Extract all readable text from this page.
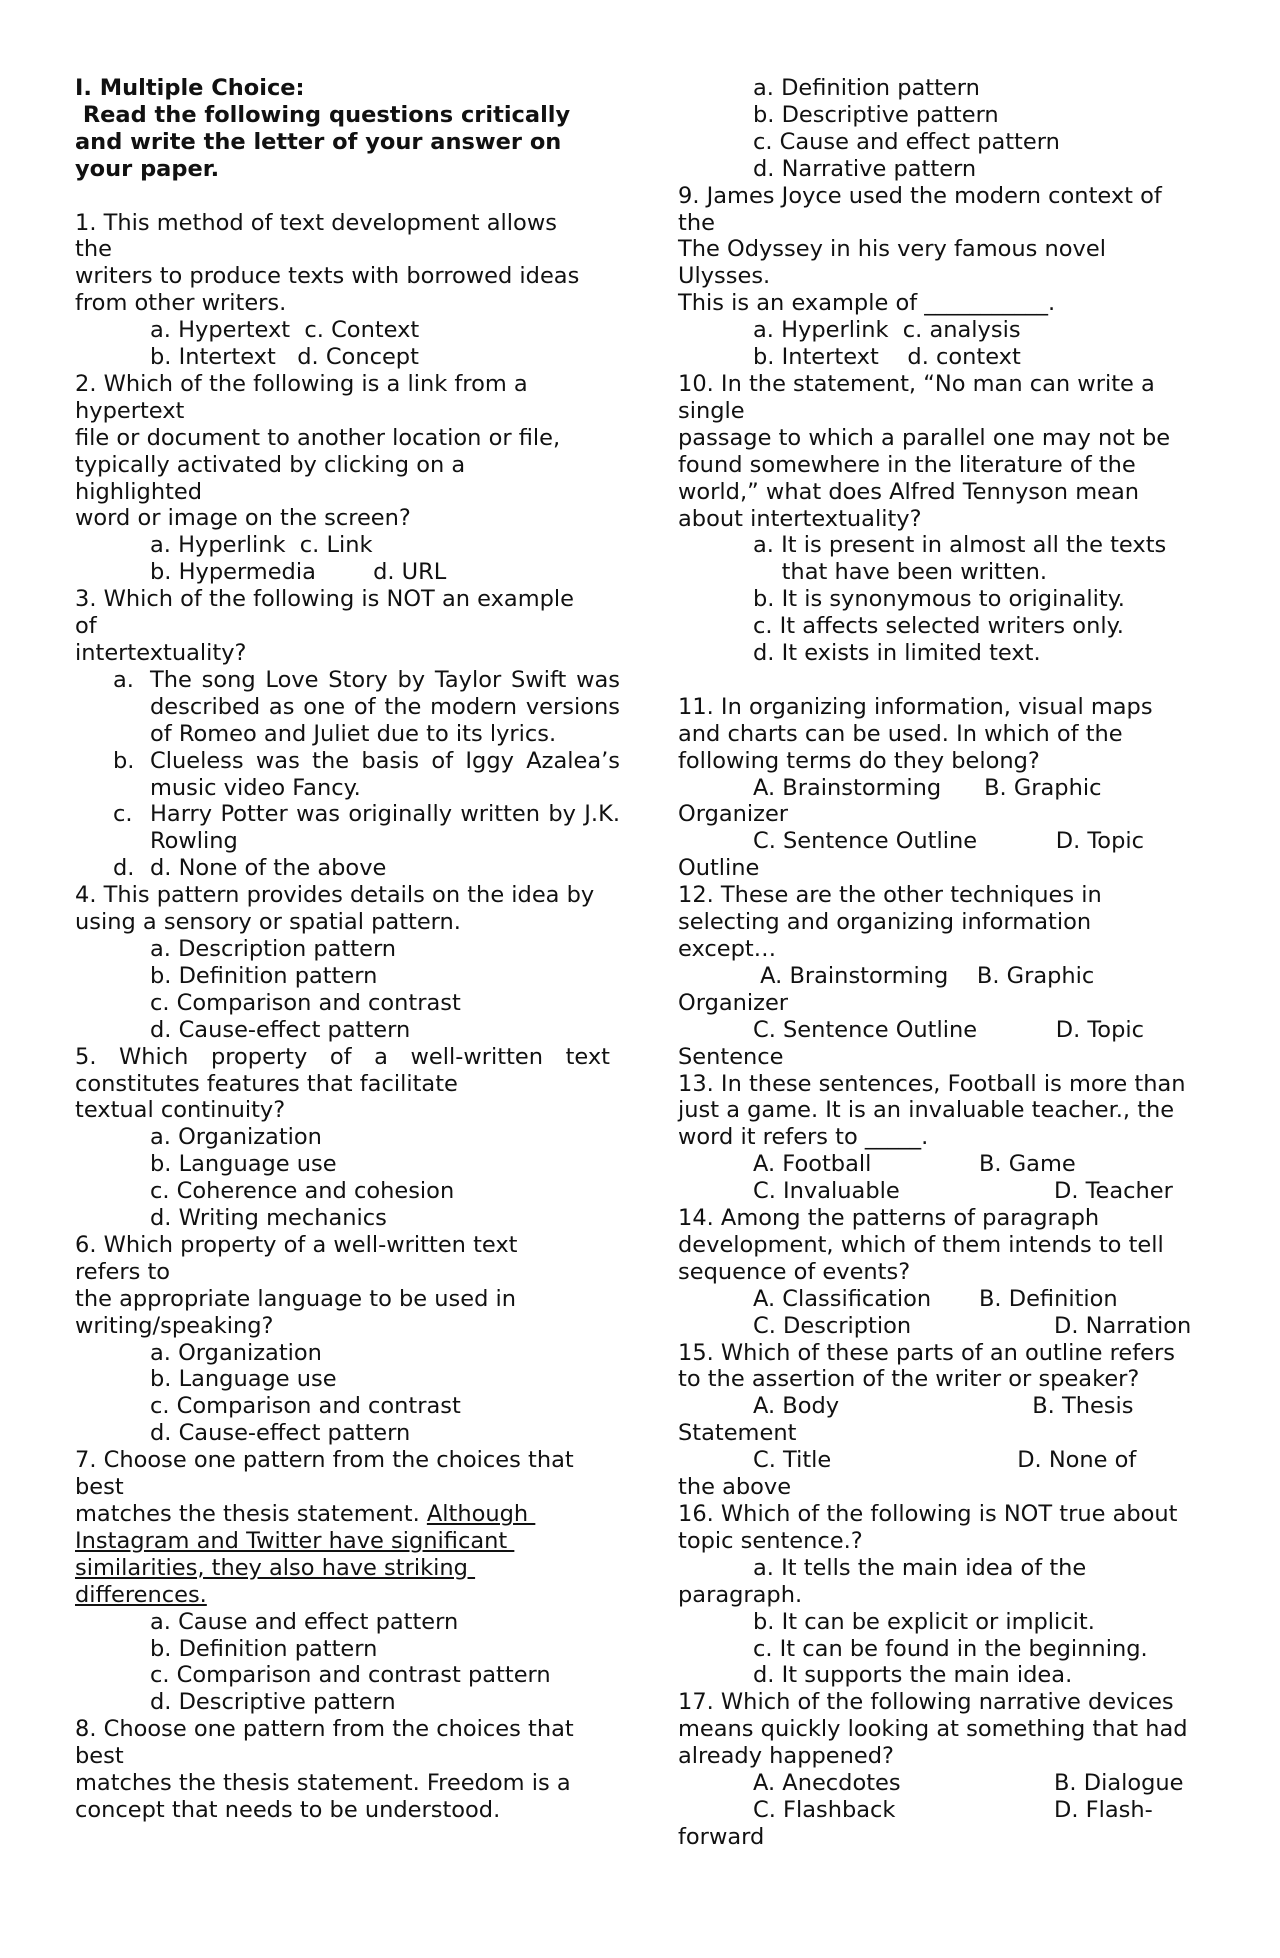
I. Multiple Choice:
Read the following questions critically
and write the letter of your answer on
your paper.
1. This method of text development allows
the
writers to produce texts with borrowed ideas
from other writers.
a. Hypertext  c. Context
b. Intertext   d. Concept
2. Which of the following is a link from a
hypertext
file or document to another location or file,
typically activated by clicking on a
highlighted
word or image on the screen?
a. Hyperlink  c. Link
b. Hypermedia        d. URL
3. Which of the following is NOT an example
of
intertextuality?
a. The song Love Story by Taylor Swift was described as one of the modern versions of Romeo and Juliet due to its lyrics.
b. Clueless was the basis of Iggy Azalea’s music video Fancy.
c. Harry Potter was originally written by J.K. Rowling
d. d. None of the above
4. This pattern provides details on the idea by
using a sensory or spatial pattern.
a. Description pattern
b. Definition pattern
c. Comparison and contrast
d. Cause-effect pattern
5. Which property of a well-written text constitutes features that facilitate
textual continuity?
a. Organization
b. Language use
c. Coherence and cohesion
d. Writing mechanics
6. Which property of a well-written text
refers to
the appropriate language to be used in
writing/speaking?
a. Organization
b. Language use
c. Comparison and contrast
d. Cause-effect pattern
7. Choose one pattern from the choices that
best
matches the thesis statement. Although
Instagram and Twitter have significant
similarities, they also have striking
differences.
a. Cause and effect pattern
b. Definition pattern
c. Comparison and contrast pattern
d. Descriptive pattern
8. Choose one pattern from the choices that
best
matches the thesis statement. Freedom is a
concept that needs to be understood.
a. Definition pattern
b. Descriptive pattern
c. Cause and effect pattern
d. Narrative pattern
9. James Joyce used the modern context of
the
The Odyssey in his very famous novel
Ulysses.
This is an example of ___________.
a. Hyperlink  c. analysis
b. Intertext    d. context
10. In the statement, “No man can write a
single
passage to which a parallel one may not be
found somewhere in the literature of the
world,” what does Alfred Tennyson mean
about intertextuality?
a. It is present in almost all the texts
that have been written.
b. It is synonymous to originality.
c. It affects selected writers only.
d. It exists in limited text.
11. In organizing information, visual maps
and charts can be used. In which of the
following terms do they belong?
A. Brainstorming      B. Graphic
Organizer
C. Sentence Outline           D. Topic
Outline
12. These are the other techniques in
selecting and organizing information
except…
A. Brainstorming    B. Graphic
Organizer
C. Sentence Outline           D. Topic
Sentence
13. In these sentences, Football is more than
just a game. It is an invaluable teacher., the
word it refers to _____.
A. Football	B. Game
C. Invaluable	D. Teacher
14. Among the patterns of paragraph
development, which of them intends to tell
sequence of events?
A. Classification	B. Definition
C. Description	D. Narration
15. Which of these parts of an outline refers
to the assertion of the writer or speaker?
A. Body                           B. Thesis
Statement
C. Title                          D. None of
the above
16. Which of the following is NOT true about
topic sentence.?
a. It tells the main idea of the
paragraph.
b. It can be explicit or implicit.
c. It can be found in the beginning.
d. It supports the main idea.
17. Which of the following narrative devices
means quickly looking at something that had
already happened?
A. Anecdotes	B. Dialogue
C. Flashback	D. Flash-
forward
